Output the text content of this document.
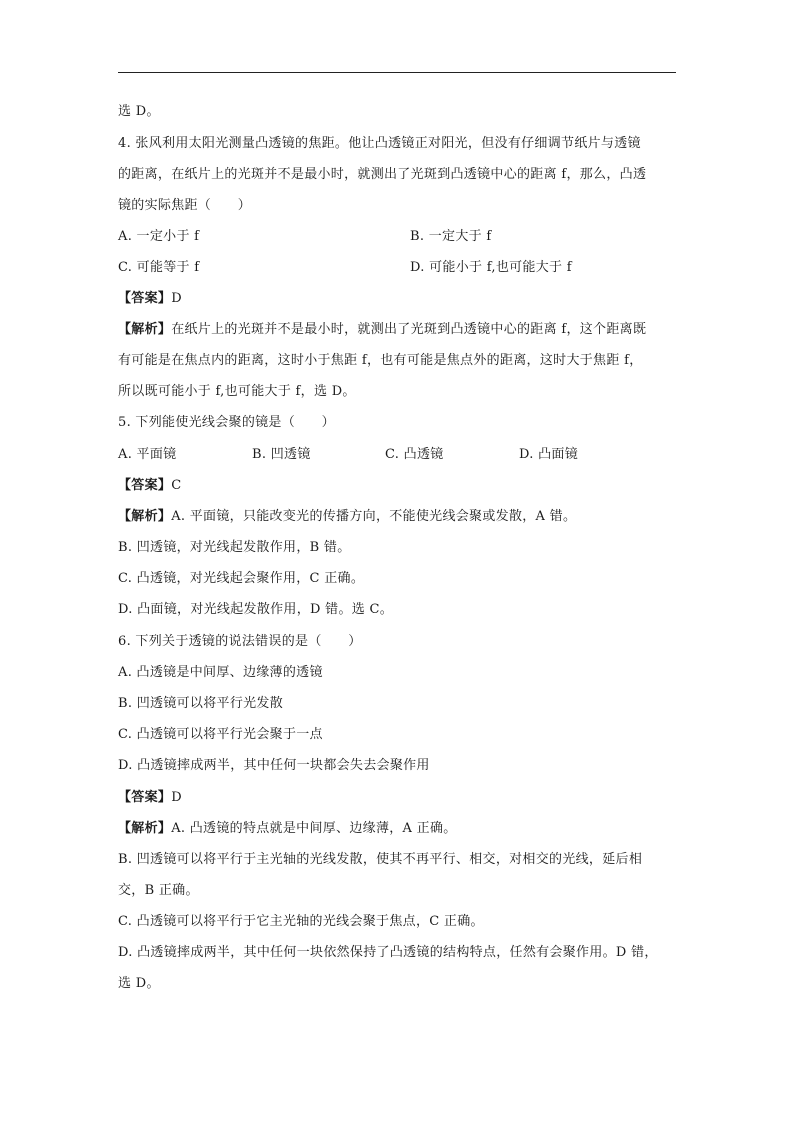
选 D。
4. 张风利用太阳光测量凸透镜的焦距。他让凸透镜正对阳光，但没有仔细调节纸片与透镜
的距离，在纸片上的光斑并不是最小时，就测出了光斑到凸透镜中心的距离 f，那么，凸透
镜的实际焦距（　　）
A. 一定小于 f	B. 一定大于 f
C. 可能等于 f	D. 可能小于 f,也可能大于 f
【答案】D
【解析】在纸片上的光斑并不是最小时，就测出了光斑到凸透镜中心的距离 f，这个距离既
有可能是在焦点内的距离，这时小于焦距 f，也有可能是焦点外的距离，这时大于焦距 f，
所以既可能小于 f,也可能大于 f，选 D。
5. 下列能使光线会聚的镜是（　　）
A. 平面镜	B. 凹透镜	C. 凸透镜	D. 凸面镜
【答案】C
【解析】A. 平面镜，只能改变光的传播方向，不能使光线会聚或发散，A 错。
B. 凹透镜，对光线起发散作用，B 错。
C. 凸透镜，对光线起会聚作用，C 正确。
D. 凸面镜，对光线起发散作用，D 错。选 C。
6. 下列关于透镜的说法错误的是（　　）
A. 凸透镜是中间厚、边缘薄的透镜
B. 凹透镜可以将平行光发散
C. 凸透镜可以将平行光会聚于一点
D. 凸透镜摔成两半，其中任何一块都会失去会聚作用
【答案】D
【解析】A. 凸透镜的特点就是中间厚、边缘薄，A 正确。
B. 凹透镜可以将平行于主光轴的光线发散，使其不再平行、相交，对相交的光线，延后相
交，B 正确。
C. 凸透镜可以将平行于它主光轴的光线会聚于焦点，C 正确。
D. 凸透镜摔成两半，其中任何一块依然保持了凸透镜的结构特点，任然有会聚作用。D 错，
选 D。
